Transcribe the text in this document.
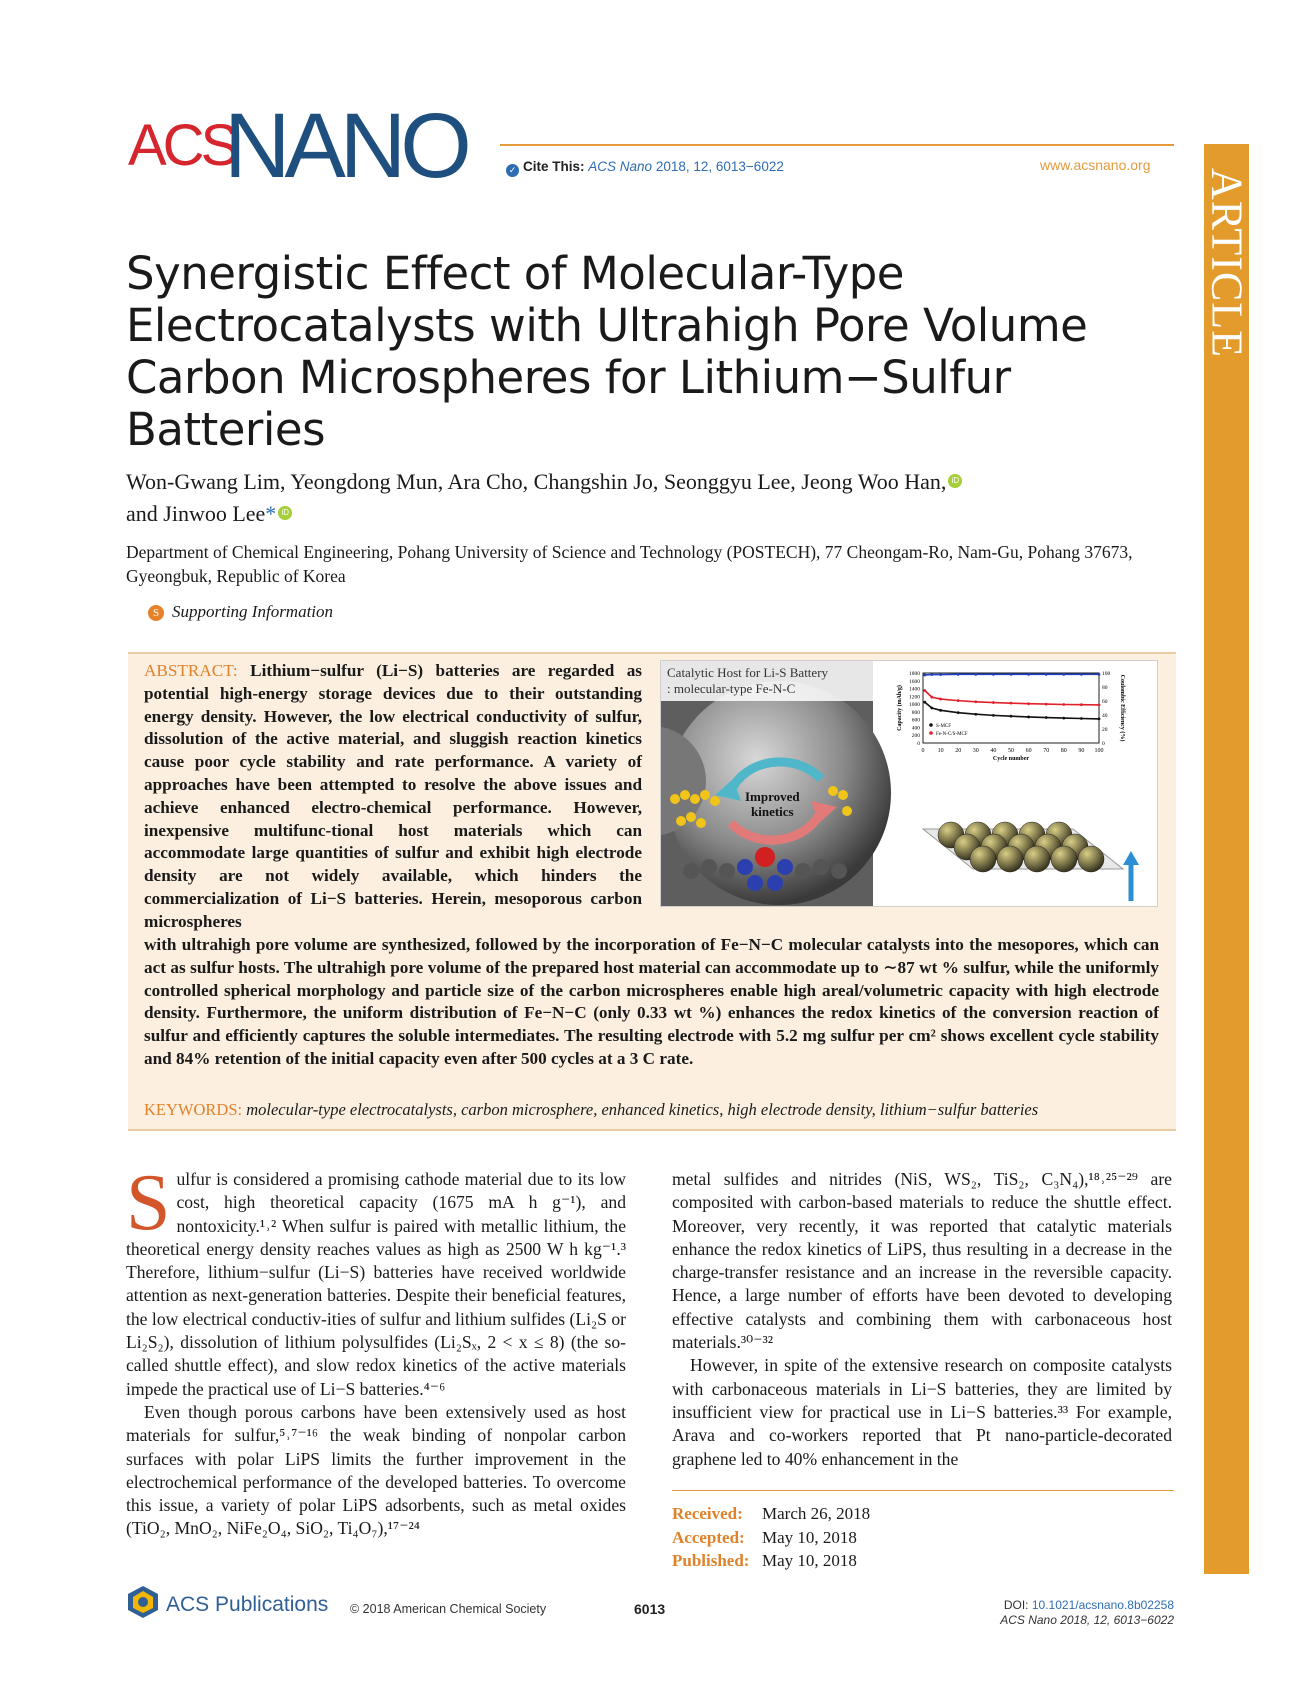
ACS
NANO	✓ Cite This: ACS Nano 2018, 12, 6013−6022	www.acsnano.org
ARTICLE
Synergistic Effect of Molecular-Type Electrocatalysts with Ultrahigh Pore Volume Carbon Microspheres for Lithium−Sulfur Batteries

Won-Gwang Lim, Yeongdong Mun, Ara Cho, Changshin Jo, Seonggyu Lee, Jeong Woo Han, iD
and Jinwoo Lee* iD

Department of Chemical Engineering, Pohang University of Science and Technology (POSTECH), 77 Cheongam-Ro, Nam-Gu, Pohang 37673, Gyeongbuk, Republic of Korea

S Supporting Information

ABSTRACT: Lithium−sulfur (Li−S) batteries are regarded as potential high-energy storage devices due to their outstanding energy density. However, the low electrical conductivity of sulfur, dissolution of the active material, and sluggish reaction kinetics cause poor cycle stability and rate performance. A variety of approaches have been attempted to resolve the above issues and achieve enhanced electro-chemical performance. However, inexpensive multifunc-tional host materials which can accommodate large quantities of sulfur and exhibit high electrode density are not widely available, which hinders the commercialization of Li−S batteries. Herein, mesoporous carbon microspheres

with ultrahigh pore volume are synthesized, followed by the incorporation of Fe−N−C molecular catalysts into the mesopores, which can act as sulfur hosts. The ultrahigh pore volume of the prepared host material can accommodate up to ∼87 wt % sulfur, while the uniformly controlled spherical morphology and particle size of the carbon microspheres enable high areal/volumetric capacity with high electrode density. Furthermore, the uniform distribution of Fe−N−C (only 0.33 wt %) enhances the redox kinetics of the conversion reaction of sulfur and efficiently captures the soluble intermediates. The resulting electrode with 5.2 mg sulfur per cm² shows excellent cycle stability and 84% retention of the initial capacity even after 500 cycles at a 3 C rate.

KEYWORDS: molecular-type electrocatalysts, carbon microsphere, enhanced kinetics, high electrode density, lithium−sulfur batteries

Catalytic Host for Li-S Battery
: molecular-type Fe-N-C
Improved
kinetics
0 10 20 30 40 50 60 70 80 90 100
0
200
400
600
800
1000
1200
1400
1600
1800
0
20
40
60
80
100
Cycle number
Capacity (mAh/g)	Coulombic Efficiency (%)
S-MCF
Fe-N-C/S-MCF

Sulfur is considered a promising cathode material due to its low cost, high theoretical capacity (1675 mA h g⁻¹), and nontoxicity.¹˒² When sulfur is paired with metallic lithium, the theoretical energy density reaches values as high as 2500 W h kg⁻¹.³ Therefore, lithium−sulfur (Li−S) batteries have received worldwide attention as next-generation batteries. Despite their beneficial features, the low electrical conductiv-ities of sulfur and lithium sulfides (Li₂S or Li₂S₂), dissolution of lithium polysulfides (Li₂Sₓ, 2 < x ≤ 8) (the so-called shuttle effect), and slow redox kinetics of the active materials impede the practical use of Li−S batteries.⁴⁻⁶

Even though porous carbons have been extensively used as host materials for sulfur,⁵˒⁷⁻¹⁶ the weak binding of nonpolar carbon surfaces with polar LiPS limits the further improvement in the electrochemical performance of the developed batteries. To overcome this issue, a variety of polar LiPS adsorbents, such as metal oxides (TiO₂, MnO₂, NiFe₂O₄, SiO₂, Ti₄O₇),¹⁷⁻²⁴

metal sulfides and nitrides (NiS, WS₂, TiS₂, C₃N₄),¹⁸˒²⁵⁻²⁹ are composited with carbon-based materials to reduce the shuttle effect. Moreover, very recently, it was reported that catalytic materials enhance the redox kinetics of LiPS, thus resulting in a decrease in the charge-transfer resistance and an increase in the reversible capacity. Hence, a large number of efforts have been devoted to developing effective catalysts and combining them with carbonaceous host materials.³⁰⁻³²

However, in spite of the extensive research on composite catalysts with carbonaceous materials in Li−S batteries, they are limited by insufficient view for practical use in Li−S batteries.³³ For example, Arava and co-workers reported that Pt nano-particle-decorated graphene led to 40% enhancement in the

Received: March 26, 2018
Accepted: May 10, 2018
Published: May 10, 2018
ACS Publications © 2018 American Chemical Society	6013	DOI: 10.1021/acsnano.8b02258
ACS Nano 2018, 12, 6013−6022
